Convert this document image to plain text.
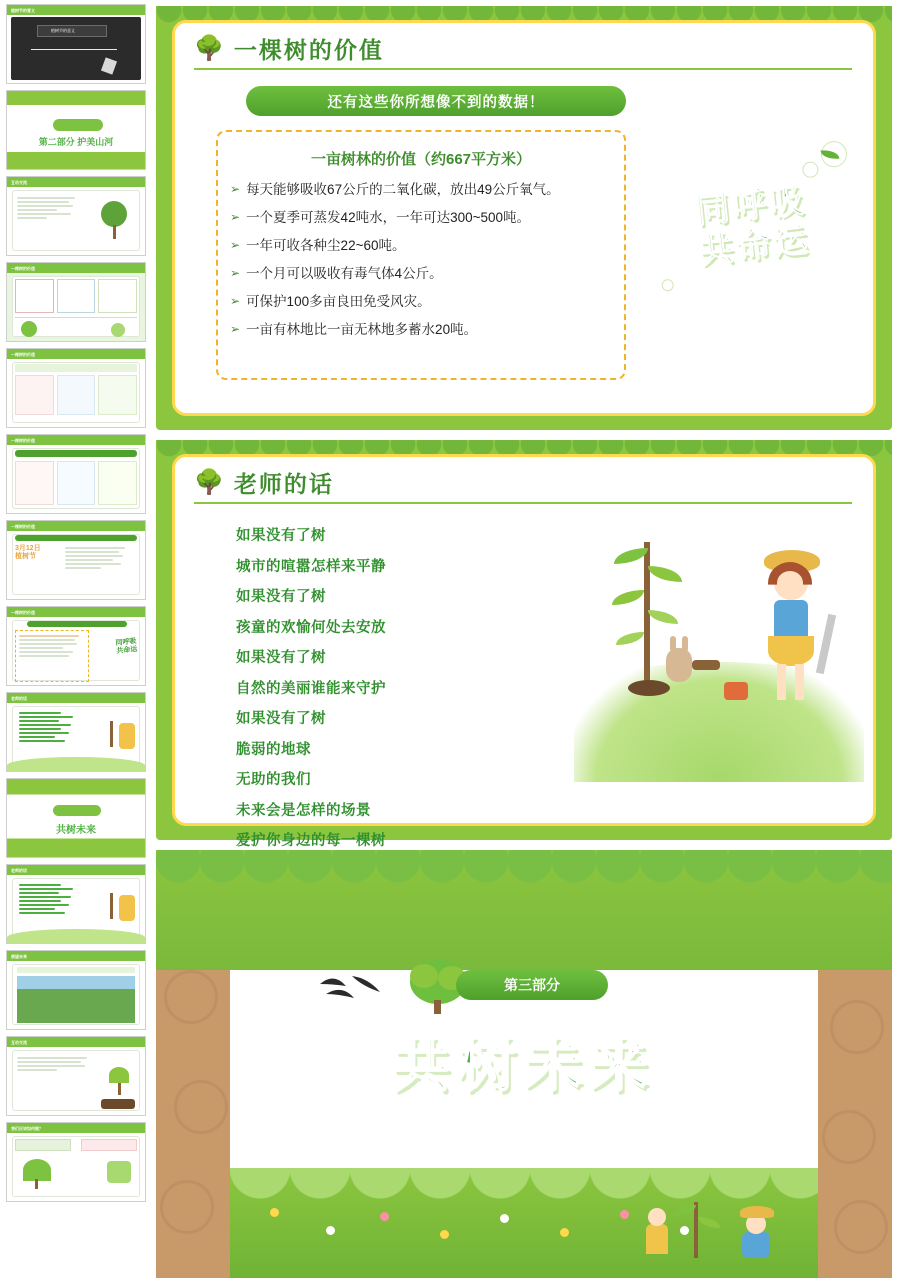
植树节的意义
植树节的意义
第二部分 护美山河
互动交流
一棵树的价值
一棵树的价值
一棵树的价值
一棵树的价值
3月12日
植树节
一棵树的价值
同呼吸
共命运
老师的话
共树未来
老师的话
展望未来
互动交流
我们应该如何做？
🌳 一棵树的价值
还有这些你所想像不到的数据！
一亩树林的价值（约667平方米）
➢ 每天能够吸收67公斤的二氧化碳，放出49公斤氧气。
➢ 一个夏季可蒸发42吨水，一年可达300~500吨。
➢ 一年可收各种尘22~60吨。
➢ 一个月可以吸收有毒气体4公斤。
➢ 可保护100多亩良田免受风灾。
➢ 一亩有林地比一亩无林地多蓄水20吨。
同呼吸
共命运
🌳 老师的话
如果没有了树
城市的喧嚣怎样来平静
如果没有了树
孩童的欢愉何处去安放
如果没有了树
自然的美丽谁能来守护
如果没有了树
脆弱的地球
无助的我们
未来会是怎样的场景
爱护你身边的每一棵树
第三部分
共树未来
